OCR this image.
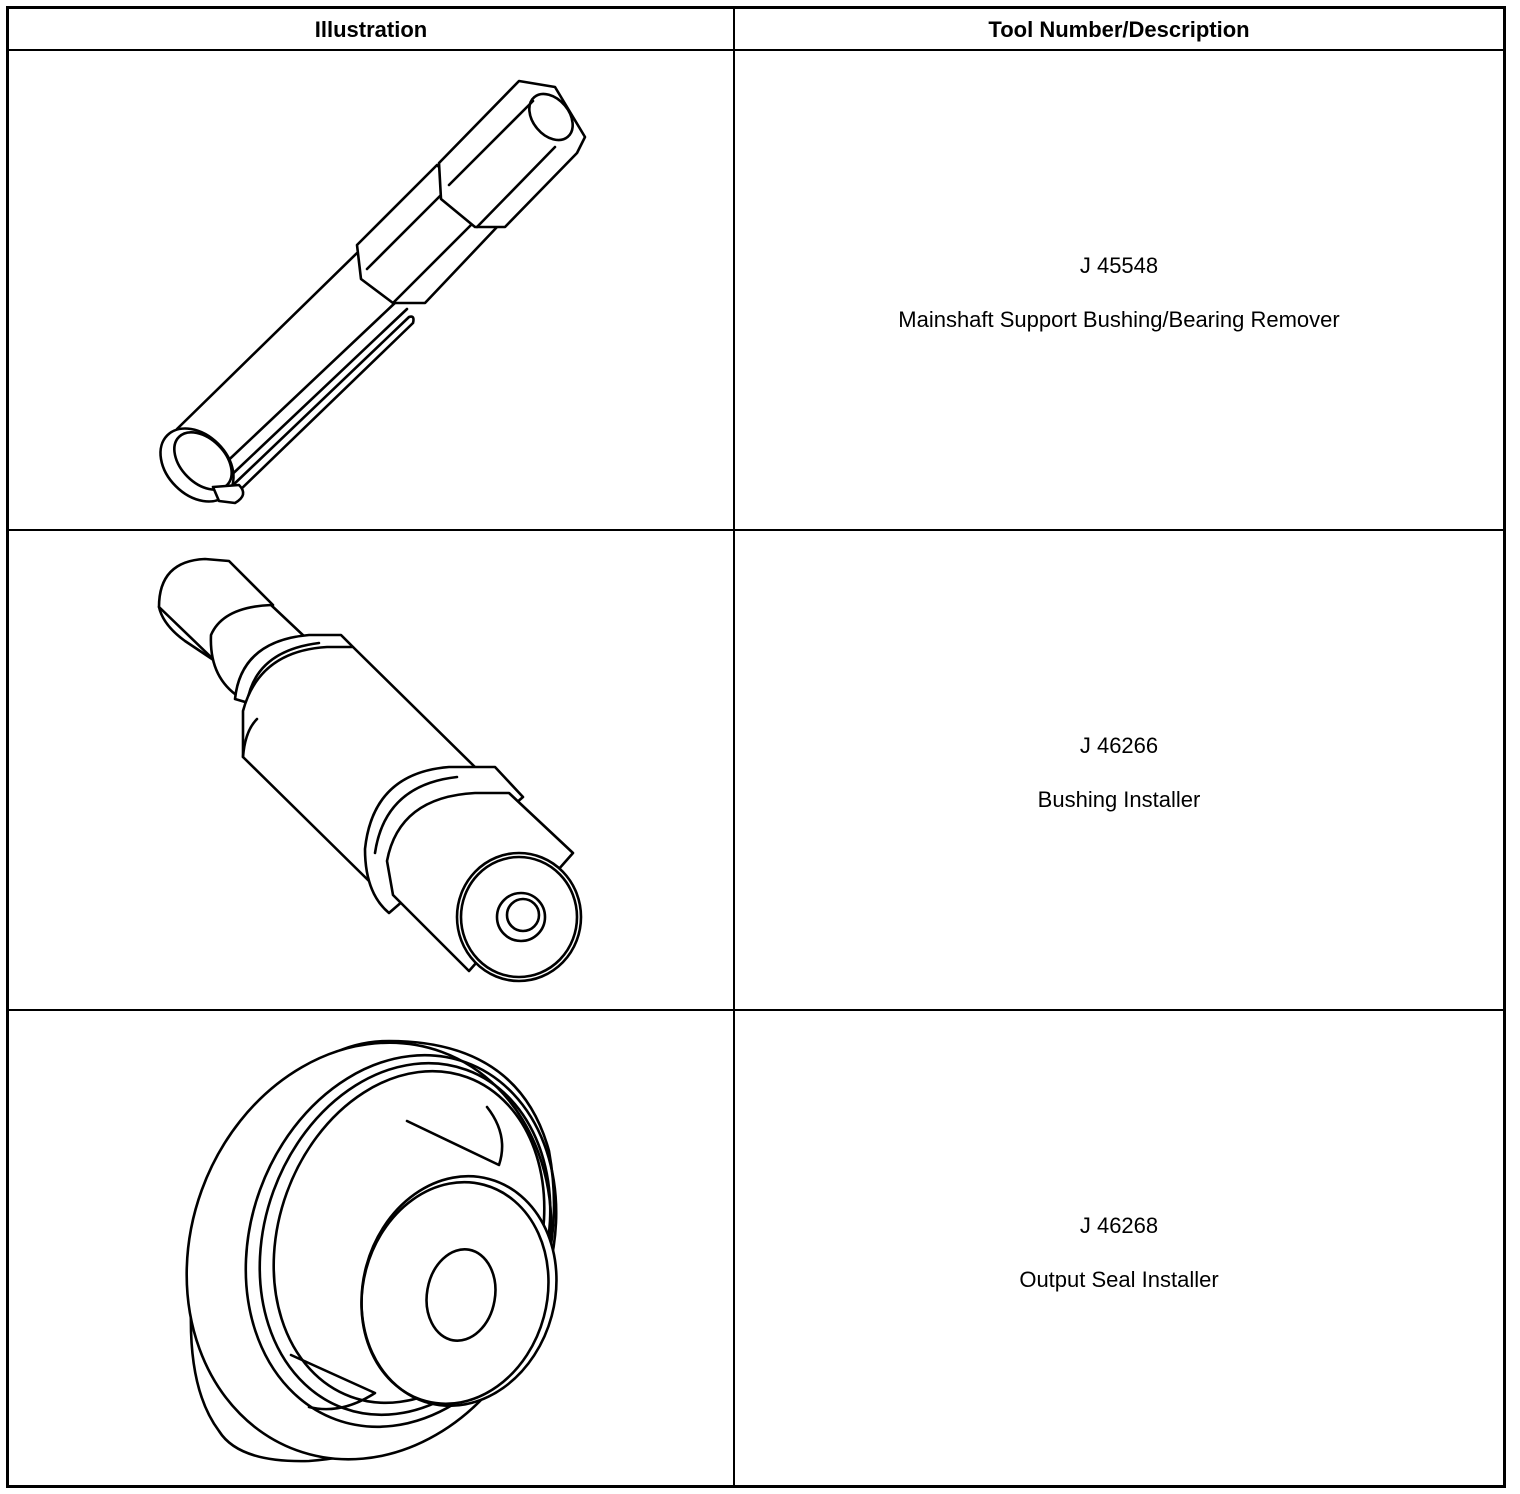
Illustration	Tool Number/Description
J 45548
Mainshaft Support Bushing/Bearing Remover
J 46266
Bushing Installer
J 46268
Output Seal Installer
